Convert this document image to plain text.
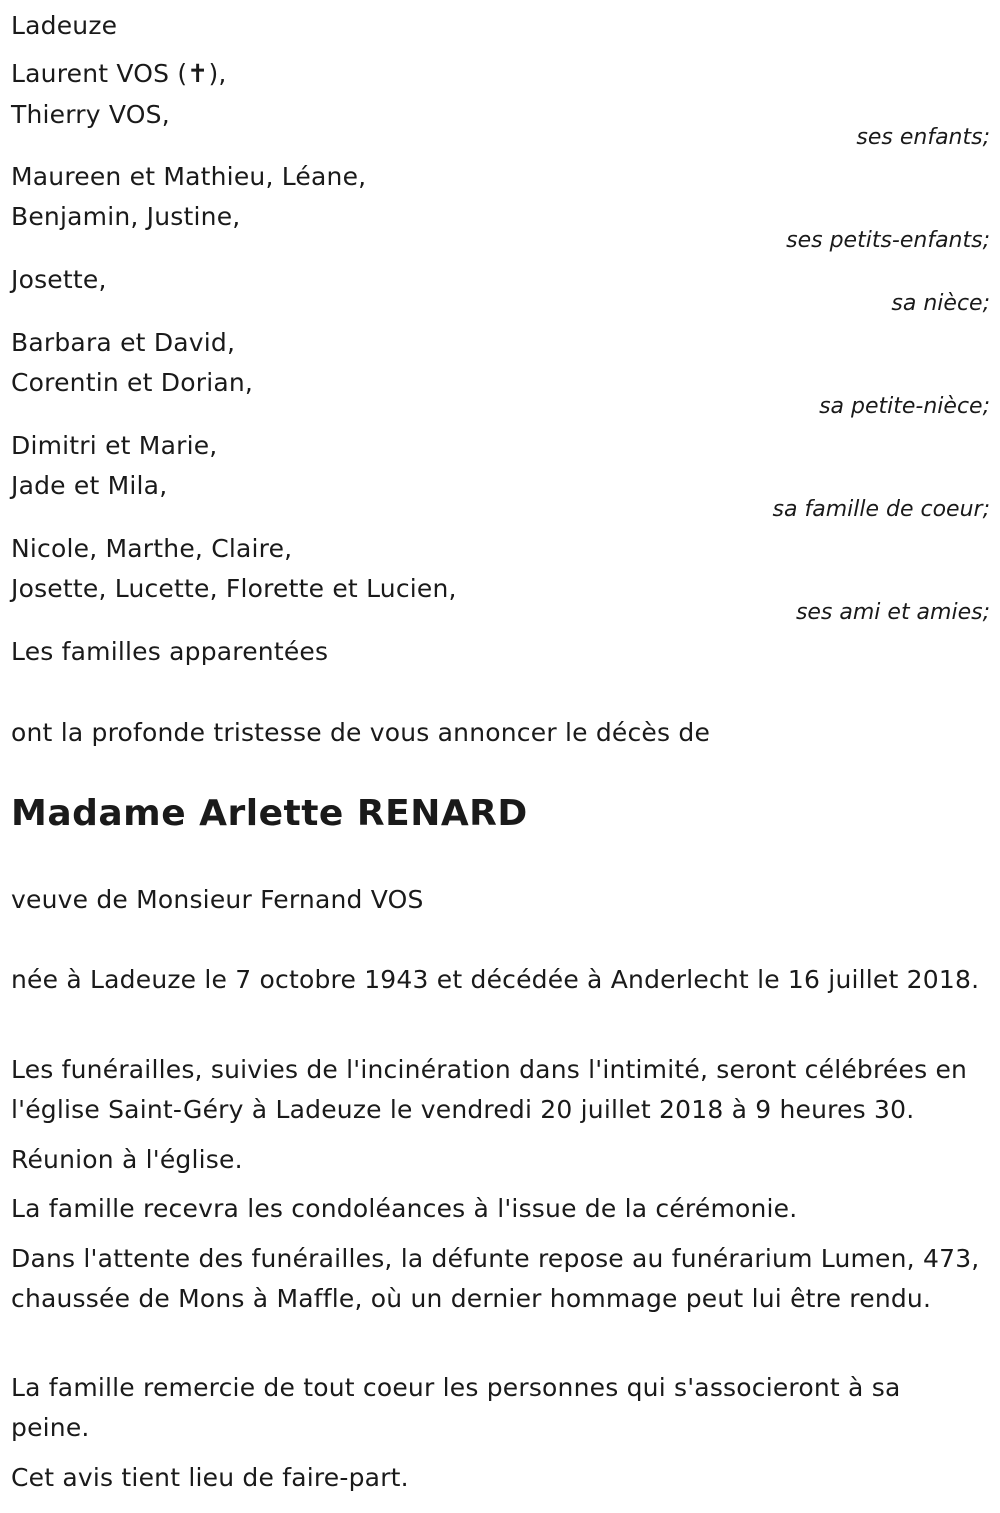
Ladeuze
Laurent VOS (✝),
Thierry VOS,
ses enfants;
Maureen et Mathieu, Léane,
Benjamin, Justine,
ses petits-enfants;
Josette,
sa nièce;
Barbara et David,
Corentin et Dorian,
sa petite-nièce;
Dimitri et Marie,
Jade et Mila,
sa famille de coeur;
Nicole, Marthe, Claire,
Josette, Lucette, Florette et Lucien,
ses ami et amies;
Les familles apparentées
ont la profonde tristesse de vous annoncer le décès de
Madame Arlette RENARD
veuve de Monsieur Fernand VOS
née à Ladeuze le 7 octobre 1943 et décédée à Anderlecht le 16 juillet 2018.
Les funérailles, suivies de l'incinération dans l'intimité, seront célébrées en l'église Saint-Géry à Ladeuze le vendredi 20 juillet 2018 à 9 heures 30.
Réunion à l'église.
La famille recevra les condoléances à l'issue de la cérémonie.
Dans l'attente des funérailles, la défunte repose au funérarium Lumen, 473, chaussée de Mons à Maffle, où un dernier hommage peut lui être rendu.
La famille remercie de tout coeur les personnes qui s'associeront à sa peine.
Cet avis tient lieu de faire-part.
